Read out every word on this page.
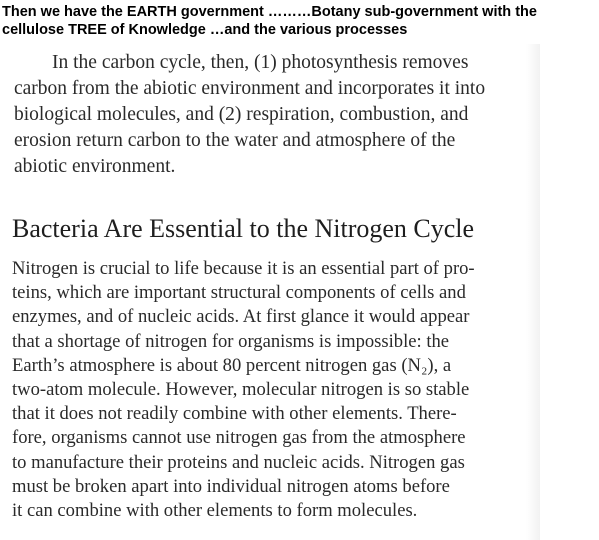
Then we have the EARTH government ………Botany sub-government with the
cellulose TREE of Knowledge …and the various processes
In the carbon cycle, then, (1) photosynthesis removes
carbon from the abiotic environment and incorporates it into
biological molecules, and (2) respiration, combustion, and
erosion return carbon to the water and atmosphere of the
abiotic environment.
Bacteria Are Essential to the Nitrogen Cycle
Nitrogen is crucial to life because it is an essential part of pro-
teins, which are important structural components of cells and
enzymes, and of nucleic acids. At first glance it would appear
that a shortage of nitrogen for organisms is impossible: the
Earth’s atmosphere is about 80 percent nitrogen gas (N₂), a
two-atom molecule. However, molecular nitrogen is so stable
that it does not readily combine with other elements. There-
fore, organisms cannot use nitrogen gas from the atmosphere
to manufacture their proteins and nucleic acids. Nitrogen gas
must be broken apart into individual nitrogen atoms before
it can combine with other elements to form molecules.
